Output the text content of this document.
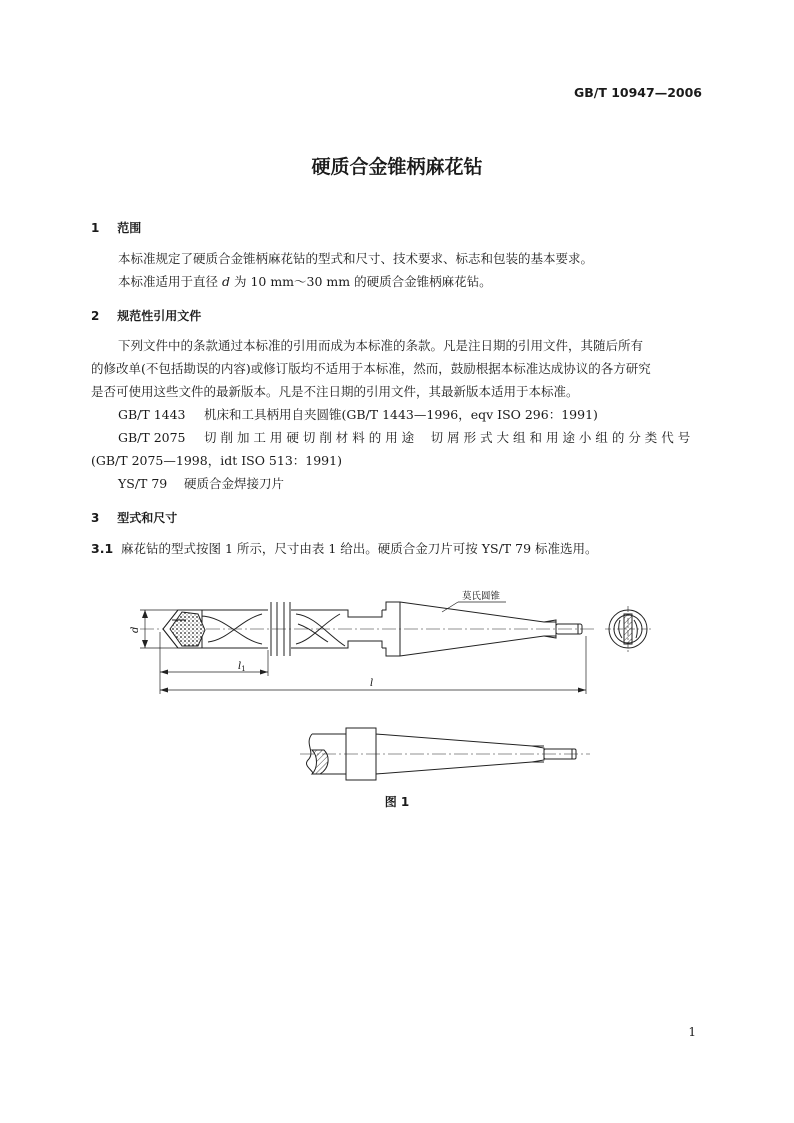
GB/T 10947—2006
硬质合金锥柄麻花钻
1 范围
本标准规定了硬质合金锥柄麻花钻的型式和尺寸、技术要求、标志和包装的基本要求。
本标准适用于直径 d 为 10 mm～30 mm 的硬质合金锥柄麻花钻。
2 规范性引用文件
下列文件中的条款通过本标准的引用而成为本标准的条款。凡是注日期的引用文件，其随后所有
的修改单(不包括勘误的内容)或修订版均不适用于本标准，然而，鼓励根据本标准达成协议的各方研究
是否可使用这些文件的最新版本。凡是不注日期的引用文件，其最新版本适用于本标准。
GB/T 1443 机床和工具柄用自夹圆锥(GB/T 1443—1996，eqv ISO 296：1991)
GB/T 2075 切 削 加 工 用 硬 切 削 材 料 的 用 途　 切 屑 形 式 大 组 和 用 途 小 组 的 分 类 代 号
(GB/T 2075—1998，idt ISO 513：1991)
YS/T 79 硬质合金焊接刀片
3 型式和尺寸
3.1 麻花钻的型式按图 1 所示，尺寸由表 1 给出。硬质合金刀片可按 YS/T 79 标准选用。
莫氏圆锥
d
$l_1$
l
图 1
1
